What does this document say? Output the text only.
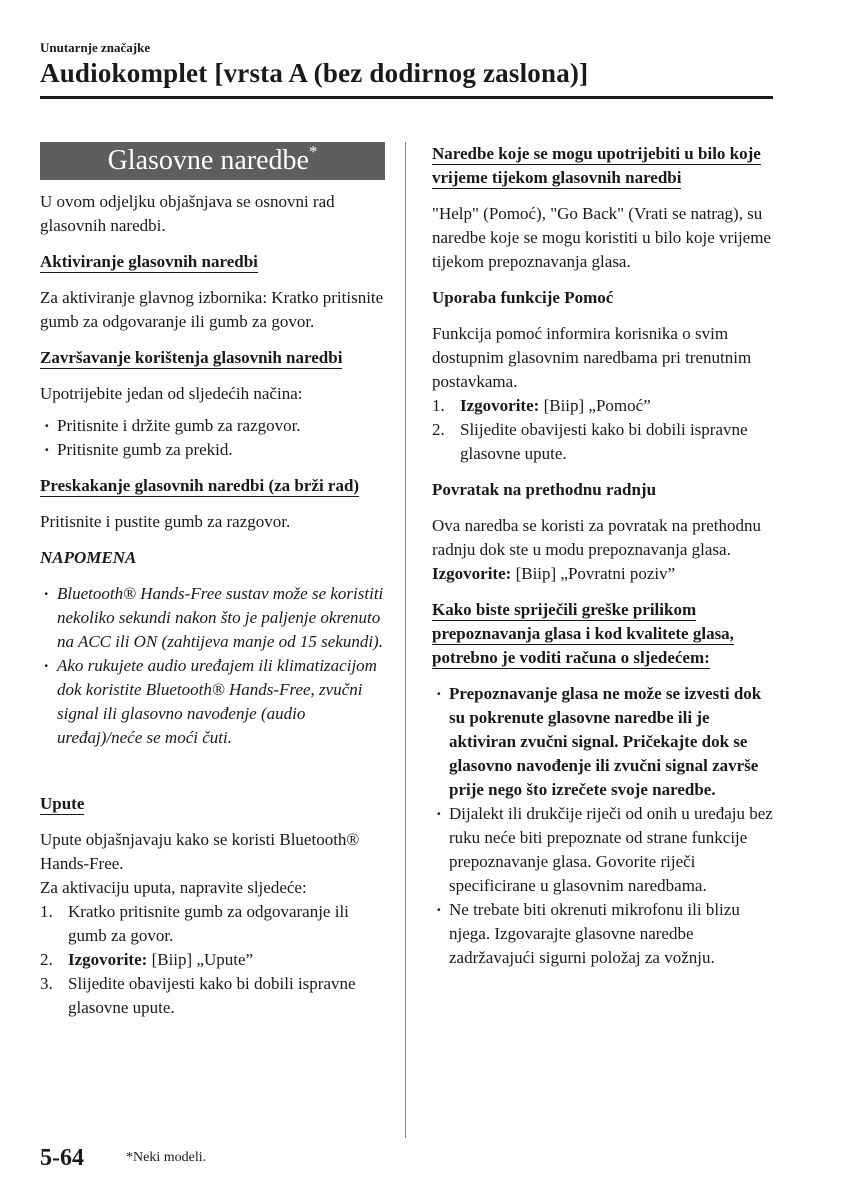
Unutarnje značajke
Audiokomplet [vrsta A (bez dodirnog zaslona)]
Glasovne naredbe*

U ovom odjeljku objašnjava se osnovni rad glasovnih naredbi.

Aktiviranje glasovnih naredbi

Za aktiviranje glavnog izbornika: Kratko pritisnite gumb za odgovaranje ili gumb za govor.

Završavanje korištenja glasovnih naredbi

Upotrijebite jedan od sljedećih načina:

· Pritisnite i držite gumb za razgovor.
· Pritisnite gumb za prekid.
Preskakanje glasovnih naredbi (za brži rad)

Pritisnite i pustite gumb za razgovor.

NAPOMENA
· Bluetooth® Hands-Free sustav može se koristiti nekoliko sekundi nakon što je paljenje okrenuto na ACC ili ON (zahtijeva manje od 15 sekundi).
· Ako rukujete audio uređajem ili klimatizacijom dok koristite Bluetooth® Hands-Free, zvučni signal ili glasovno navođenje (audio uređaj)/neće se moći čuti.
Upute

Upute objašnjavaju kako se koristi Bluetooth® Hands-Free.

Za aktivaciju uputa, napravite sljedeće:

1. Kratko pritisnite gumb za odgovaranje ili gumb za govor.
2. Izgovorite: [Biip] „Upute”
3. Slijedite obavijesti kako bi dobili ispravne glasovne upute.
Naredbe koje se mogu upotrijebiti u bilo koje vrijeme tijekom glasovnih naredbi

"Help" (Pomoć), "Go Back" (Vrati se natrag), su naredbe koje se mogu koristiti u bilo koje vrijeme tijekom prepoznavanja glasa.

Uporaba funkcije Pomoć

Funkcija pomoć informira korisnika o svim dostupnim glasovnim naredbama pri trenutnim postavkama.

1. Izgovorite: [Biip] „Pomoć”
2. Slijedite obavijesti kako bi dobili ispravne glasovne upute.
Povratak na prethodnu radnju

Ova naredba se koristi za povratak na prethodnu radnju dok ste u modu prepoznavanja glasa.

Izgovorite: [Biip] „Povratni poziv”

Kako biste spriječili greške prilikom prepoznavanja glasa i kod kvalitete glasa, potrebno je voditi računa o sljedećem:
· Prepoznavanje glasa ne može se izvesti dok su pokrenute glasovne naredbe ili je aktiviran zvučni signal. Pričekajte dok se glasovno navođenje ili zvučni signal završe prije nego što izrečete svoje naredbe.
· Dijalekt ili drukčije riječi od onih u uređaju bez ruku neće biti prepoznate od strane funkcije prepoznavanje glasa. Govorite riječi specificirane u glasovnim naredbama.
· Ne trebate biti okrenuti mikrofonu ili blizu njega. Izgovarajte glasovne naredbe zadržavajući sigurni položaj za vožnju.
5-64	*Neki modeli.
